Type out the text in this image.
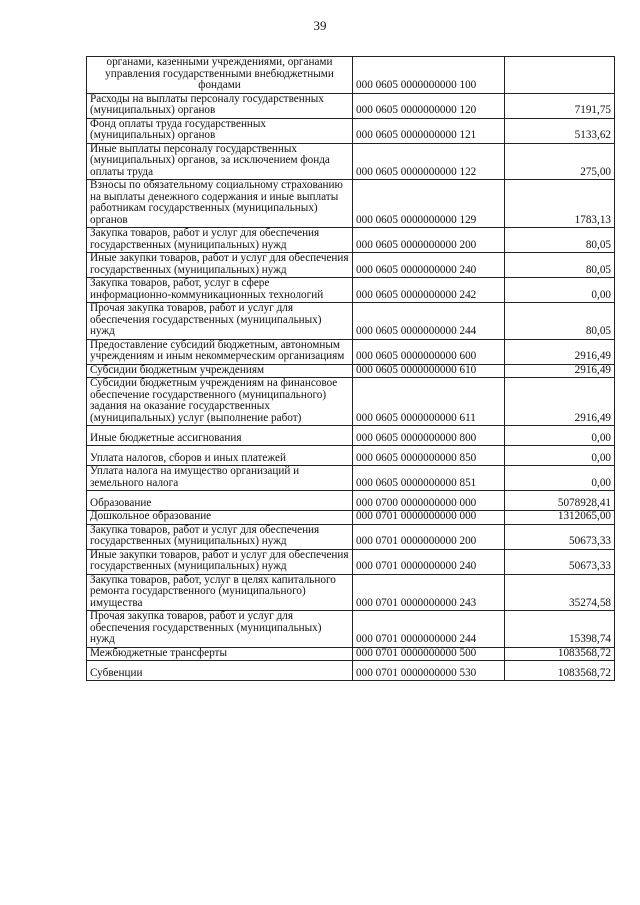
39
органами, казенными учреждениями, органами управления государственными внебюджетными фондами	000 0605 0000000000 100	
Расходы на выплаты персоналу государственных (муниципальных) органов	000 0605 0000000000 120	7191,75
Фонд оплаты труда государственных (муниципальных) органов	000 0605 0000000000 121	5133,62
Иные выплаты персоналу государственных (муниципальных) органов, за исключением фонда оплаты труда	000 0605 0000000000 122	275,00
Взносы по обязательному социальному страхованию на выплаты денежного содержания и иные выплаты работникам государственных (муниципальных) органов	000 0605 0000000000 129	1783,13
Закупка товаров, работ и услуг для обеспечения государственных (муниципальных) нужд	000 0605 0000000000 200	80,05
Иные закупки товаров, работ и услуг для обеспечения государственных (муниципальных) нужд	000 0605 0000000000 240	80,05
Закупка товаров, работ, услуг в сфере информационно-коммуникационных технологий	000 0605 0000000000 242	0,00
Прочая закупка товаров, работ и услуг для обеспечения государственных (муниципальных) нужд	000 0605 0000000000 244	80,05
Предоставление субсидий бюджетным, автономным учреждениям и иным некоммерческим организациям	000 0605 0000000000 600	2916,49
Субсидии бюджетным учреждениям	000 0605 0000000000 610	2916,49
Субсидии бюджетным учреждениям на финансовое обеспечение государственного (муниципального) задания на оказание государственных (муниципальных) услуг (выполнение работ)	000 0605 0000000000 611	2916,49
Иные бюджетные ассигнования	000 0605 0000000000 800	0,00
Уплата налогов, сборов и иных платежей	000 0605 0000000000 850	0,00
Уплата налога на имущество организаций и земельного налога	000 0605 0000000000 851	0,00
Образование	000 0700 0000000000 000	5078928,41
Дошкольное образование	000 0701 0000000000 000	1312065,00
Закупка товаров, работ и услуг для обеспечения государственных (муниципальных) нужд	000 0701 0000000000 200	50673,33
Иные закупки товаров, работ и услуг для обеспечения государственных (муниципальных) нужд	000 0701 0000000000 240	50673,33
Закупка товаров, работ, услуг в целях капитального ремонта государственного (муниципального) имущества	000 0701 0000000000 243	35274,58
Прочая закупка товаров, работ и услуг для обеспечения государственных (муниципальных) нужд	000 0701 0000000000 244	15398,74
Межбюджетные трансферты	000 0701 0000000000 500	1083568,72
Субвенции	000 0701 0000000000 530	1083568,72
